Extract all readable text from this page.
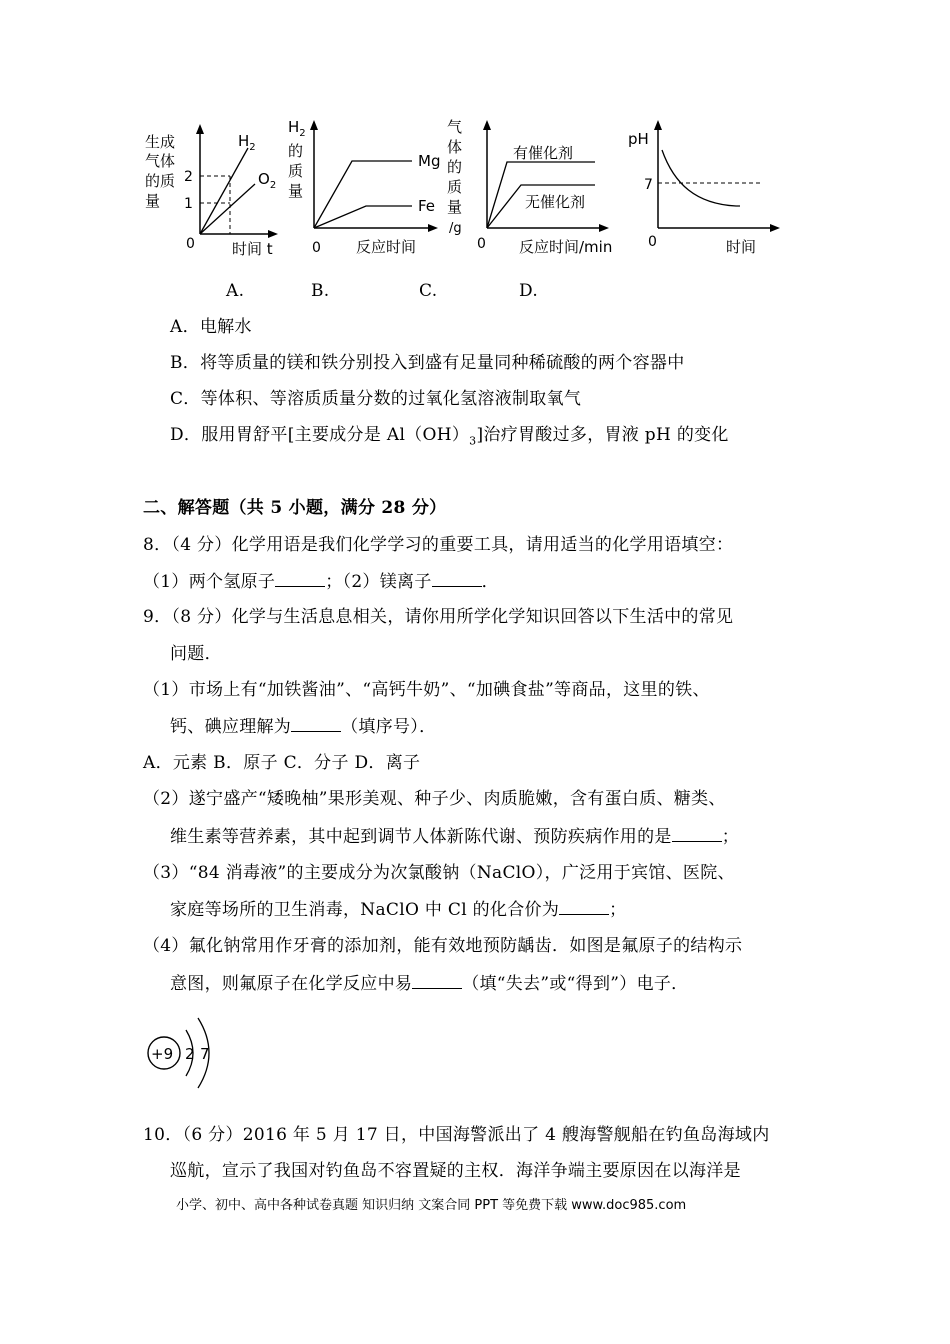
生成
气体
的质
量
2
1
$H_2$
$O_2$
0 时间 t
$H_2$
的
质
量
Mg
Fe
0 反应时间
气
体
的
质
量
/g
有催化剂
无催化剂
0 反应时间/min
pH
7
0	时间
A.	B.	C.	D.
A．电解水
B．将等质量的镁和铁分别投入到盛有足量同种稀硫酸的两个容器中
C．等体积、等溶质质量分数的过氧化氢溶液制取氧气
D．服用胃舒平[主要成分是 $Al(OH)_3$]治疗胃酸过多，胃液 pH 的变化
二、解答题（共 5 小题，满分 28 分）
8．（4 分）化学用语是我们化学学习的重要工具，请用适当的化学用语填空：
（1）两个氢原子	；（2）镁离子	．
9．（8 分）化学与生活息息相关，请你用所学化学知识回答以下生活中的常见
问题．
（1）市场上有“加铁酱油”、“高钙牛奶”、“加碘食盐”等商品，这里的铁、
钙、碘应理解为	（填序号）．
A．元素 B．原子 C．分子 D．离子
（2）遂宁盛产“矮晚柚”果形美观、种子少、肉质脆嫩，含有蛋白质、糖类、
维生素等营养素，其中起到调节人体新陈代谢、预防疾病作用的是	；
（3）“84 消毒液”的主要成分为次氯酸钠（NaClO），广泛用于宾馆、医院、
家庭等场所的卫生消毒，NaClO 中 Cl 的化合价为	；
（4）氟化钠常用作牙膏的添加剂，能有效地预防龋齿．如图是氟原子的结构示
意图，则氟原子在化学反应中易	（填“失去”或“得到”）电子．
+9 2 7
10．（6 分）2016 年 5 月 17 日，中国海警派出了 4 艘海警舰船在钓鱼岛海域内
巡航，宣示了我国对钓鱼岛不容置疑的主权．海洋争端主要原因在以海洋是
小学、初中、高中各种试卷真题 知识归纳 文案合同 PPT 等免费下载 www.doc985.com
